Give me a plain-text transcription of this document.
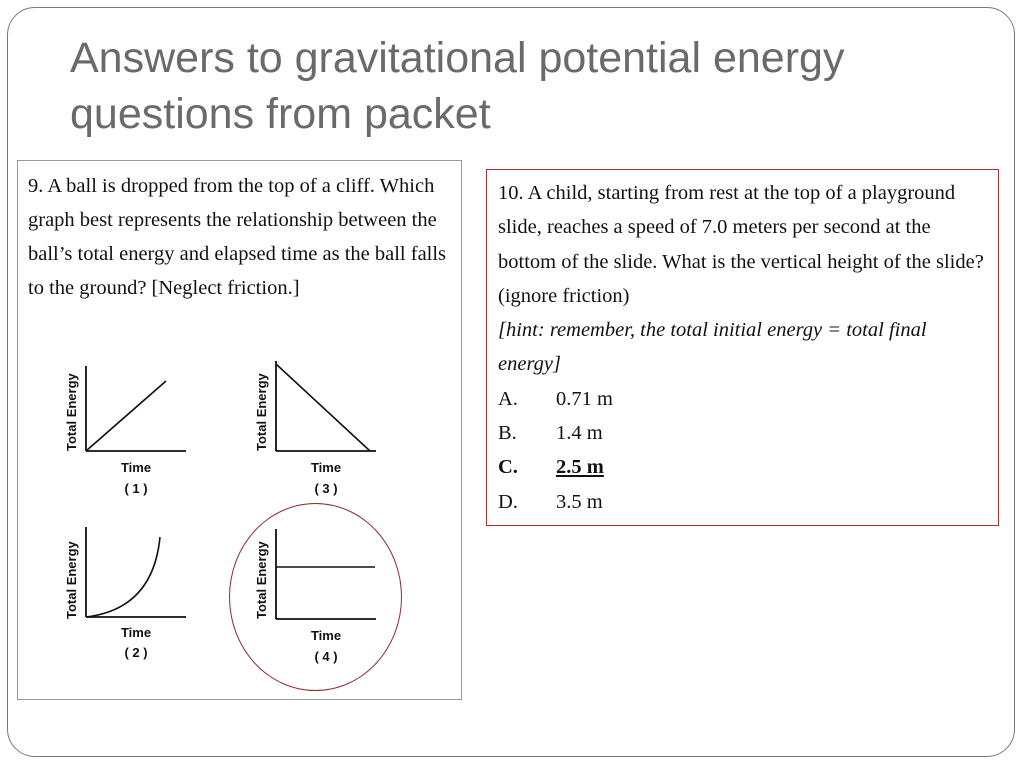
Answers to gravitational potential energy
questions from packet
9. A ball is dropped from the top of a cliff. Which graph best represents the relationship between the ball’s total energy and elapsed time as the ball falls to the ground? [Neglect friction.]
Total Energy
Time
( 1 )
Total Energy
Time
( 3 )
Total Energy
Time
( 2 )
Total Energy
Time
( 4 )
10. A child, starting from rest at the top of a playground slide, reaches a speed of 7.0 meters per second at the bottom of the slide. What is the vertical height of the slide? (ignore friction)
[hint: remember, the total initial energy = total final energy]
A.	0.71 m
B.	1.4 m
C.	2.5 m
D.	3.5 m
